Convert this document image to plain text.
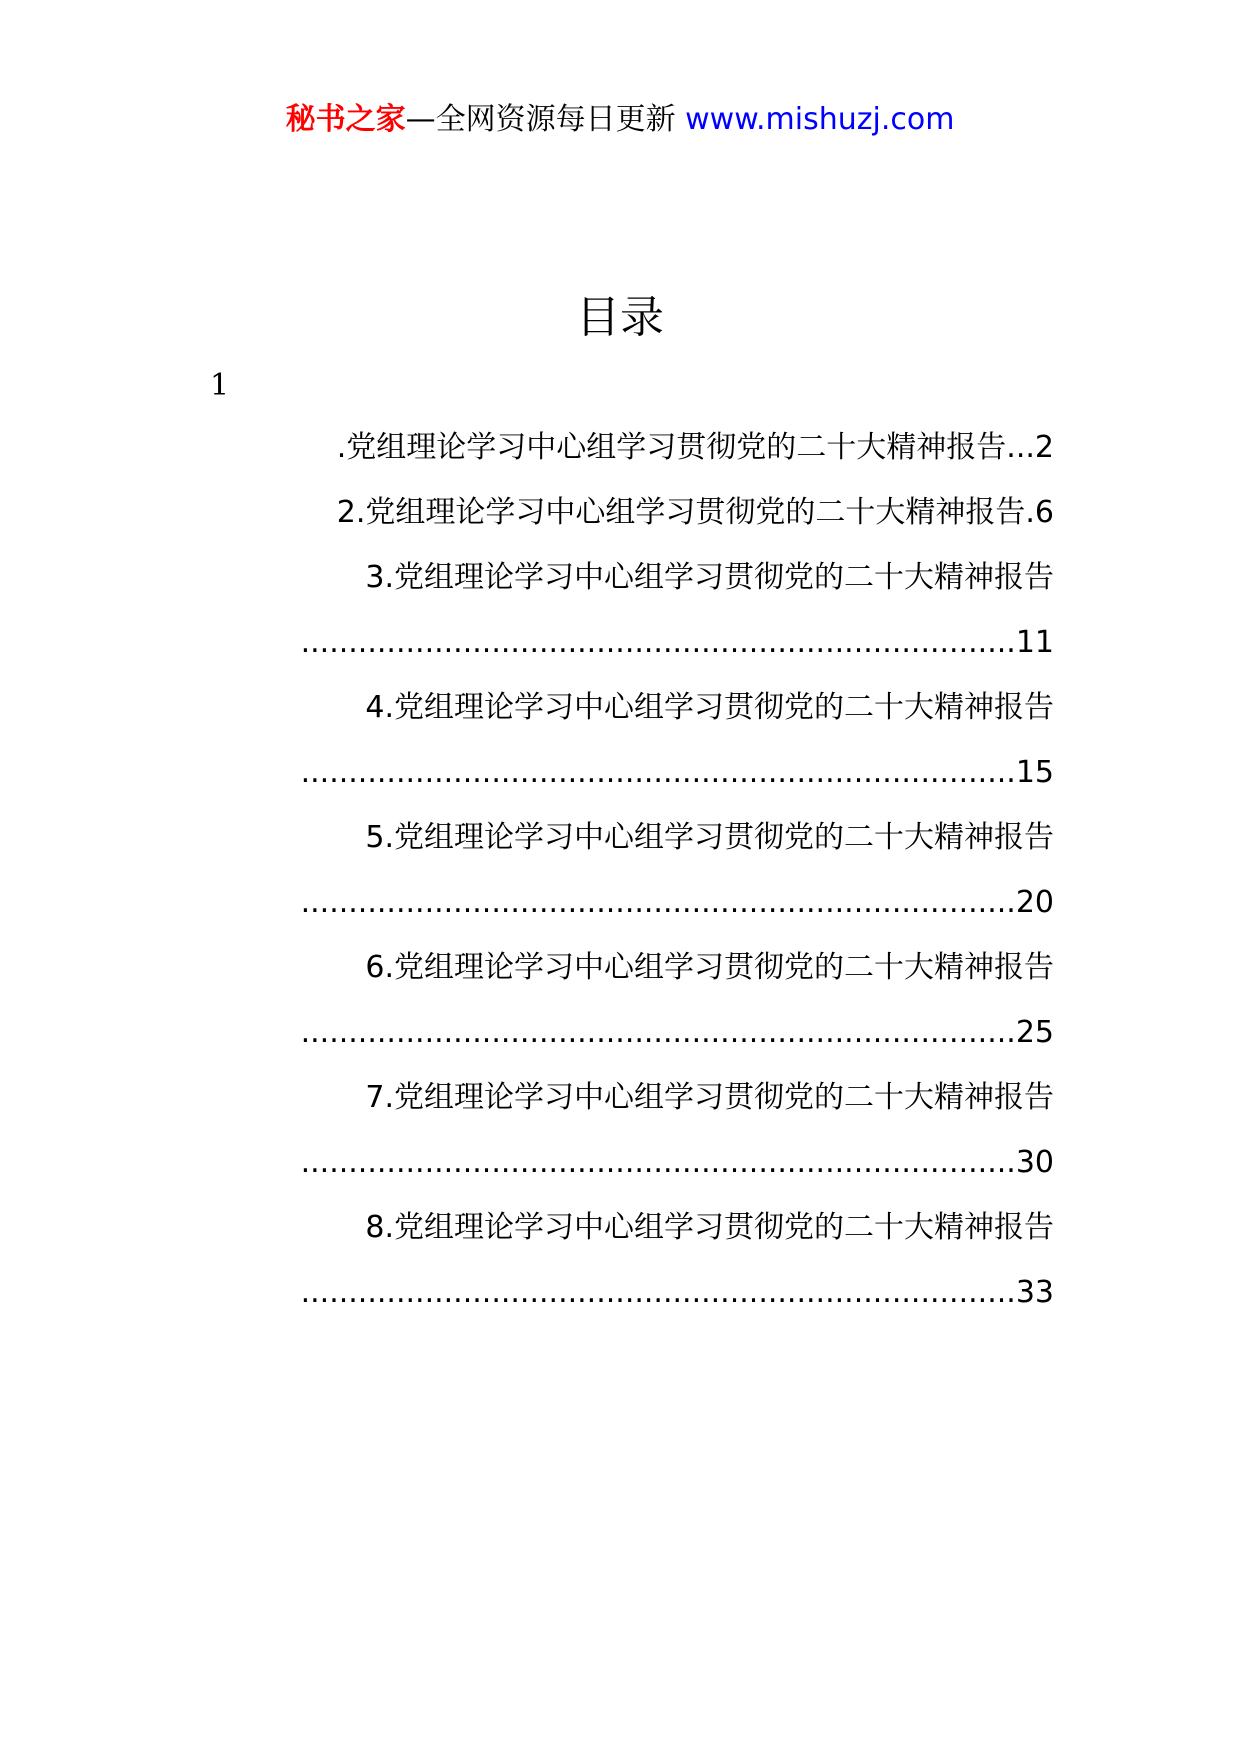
秘书之家—全网资源每日更新 www.mishuzj.com
目录
1
.党组理论学习中心组学习贯彻党的二十大精神报告...2
2.党组理论学习中心组学习贯彻党的二十大精神报告.6
3.党组理论学习中心组学习贯彻党的二十大精神报告
...........................................................................11
4.党组理论学习中心组学习贯彻党的二十大精神报告
...........................................................................15
5.党组理论学习中心组学习贯彻党的二十大精神报告
...........................................................................20
6.党组理论学习中心组学习贯彻党的二十大精神报告
...........................................................................25
7.党组理论学习中心组学习贯彻党的二十大精神报告
...........................................................................30
8.党组理论学习中心组学习贯彻党的二十大精神报告
...........................................................................33
